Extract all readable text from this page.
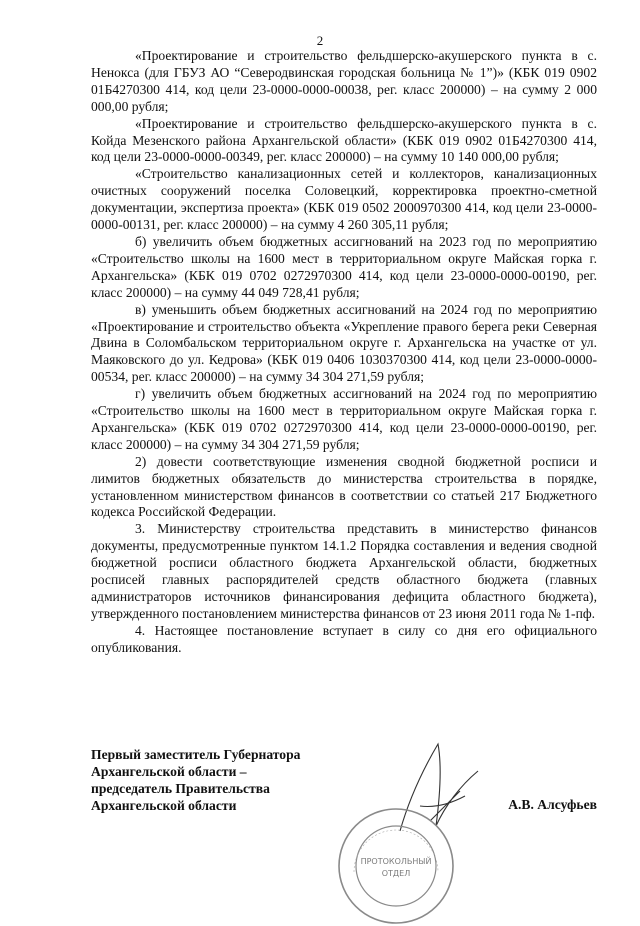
2

«Проектирование и строительство фельдшерско-акушерского пункта в с. Ненокса (для ГБУЗ АО “Северодвинская городская больница № 1”)» (КБК 019 0902 01Б4270300 414, код цели 23-0000-0000-00038, рег. класс 200000) – на сумму 2 000 000,00 рубля;

«Проектирование и строительство фельдшерско-акушерского пункта в с. Койда Мезенского района Архангельской области» (КБК 019 0902 01Б4270300 414, код цели 23-0000-0000-00349, рег. класс 200000) – на сумму 10 140 000,00 рубля;

«Строительство канализационных сетей и коллекторов, канализационных очистных сооружений поселка Соловецкий, корректировка проектно-сметной документации, экспертиза проекта» (КБК 019 0502 2000970300 414, код цели 23-0000-0000-00131, рег. класс 200000) – на сумму 4 260 305,11 рубля;

б) увеличить объем бюджетных ассигнований на 2023 год по мероприятию «Строительство школы на 1600 мест в территориальном округе Майская горка г. Архангельска» (КБК 019 0702 0272970300 414, код цели 23-0000-0000-00190, рег. класс 200000) – на сумму 44 049 728,41 рубля;

в) уменьшить объем бюджетных ассигнований на 2024 год по мероприятию «Проектирование и строительство объекта «Укрепление правого берега реки Северная Двина в Соломбальском территориальном округе г. Архангельска на участке от ул. Маяковского до ул. Кедрова» (КБК 019 0406 1030370300 414, код цели 23-0000-0000-00534, рег. класс 200000) – на сумму 34 304 271,59 рубля;

г) увеличить объем бюджетных ассигнований на 2024 год по мероприятию «Строительство школы на 1600 мест в территориальном округе Майская горка г. Архангельска» (КБК 019 0702 0272970300 414, код цели 23-0000-0000-00190, рег. класс 200000) – на сумму 34 304 271,59 рубля;

2) довести соответствующие изменения сводной бюджетной росписи и лимитов бюджетных обязательств до министерства строительства в порядке, установленном министерством финансов в соответствии со статьей 217 Бюджетного кодекса Российской Федерации.

3. Министерству строительства представить в министерство финансов документы, предусмотренные пунктом 14.1.2 Порядка составления и ведения сводной бюджетной росписи областного бюджета Архангельской области, бюджетных росписей главных распорядителей средств областного бюджета (главных администраторов источников финансирования дефицита областного бюджета), утвержденного постановлением министерства финансов от 23 июня 2011 года № 1-пф.

4. Настоящее постановление вступает в силу со дня его официального опубликования.

Первый заместитель Губернатора
Архангельской области –
председатель Правительства
Архангельской области
ПРОТОКОЛЬНЫЙ
ОТДЕЛ
А.В. Алсуфьев
